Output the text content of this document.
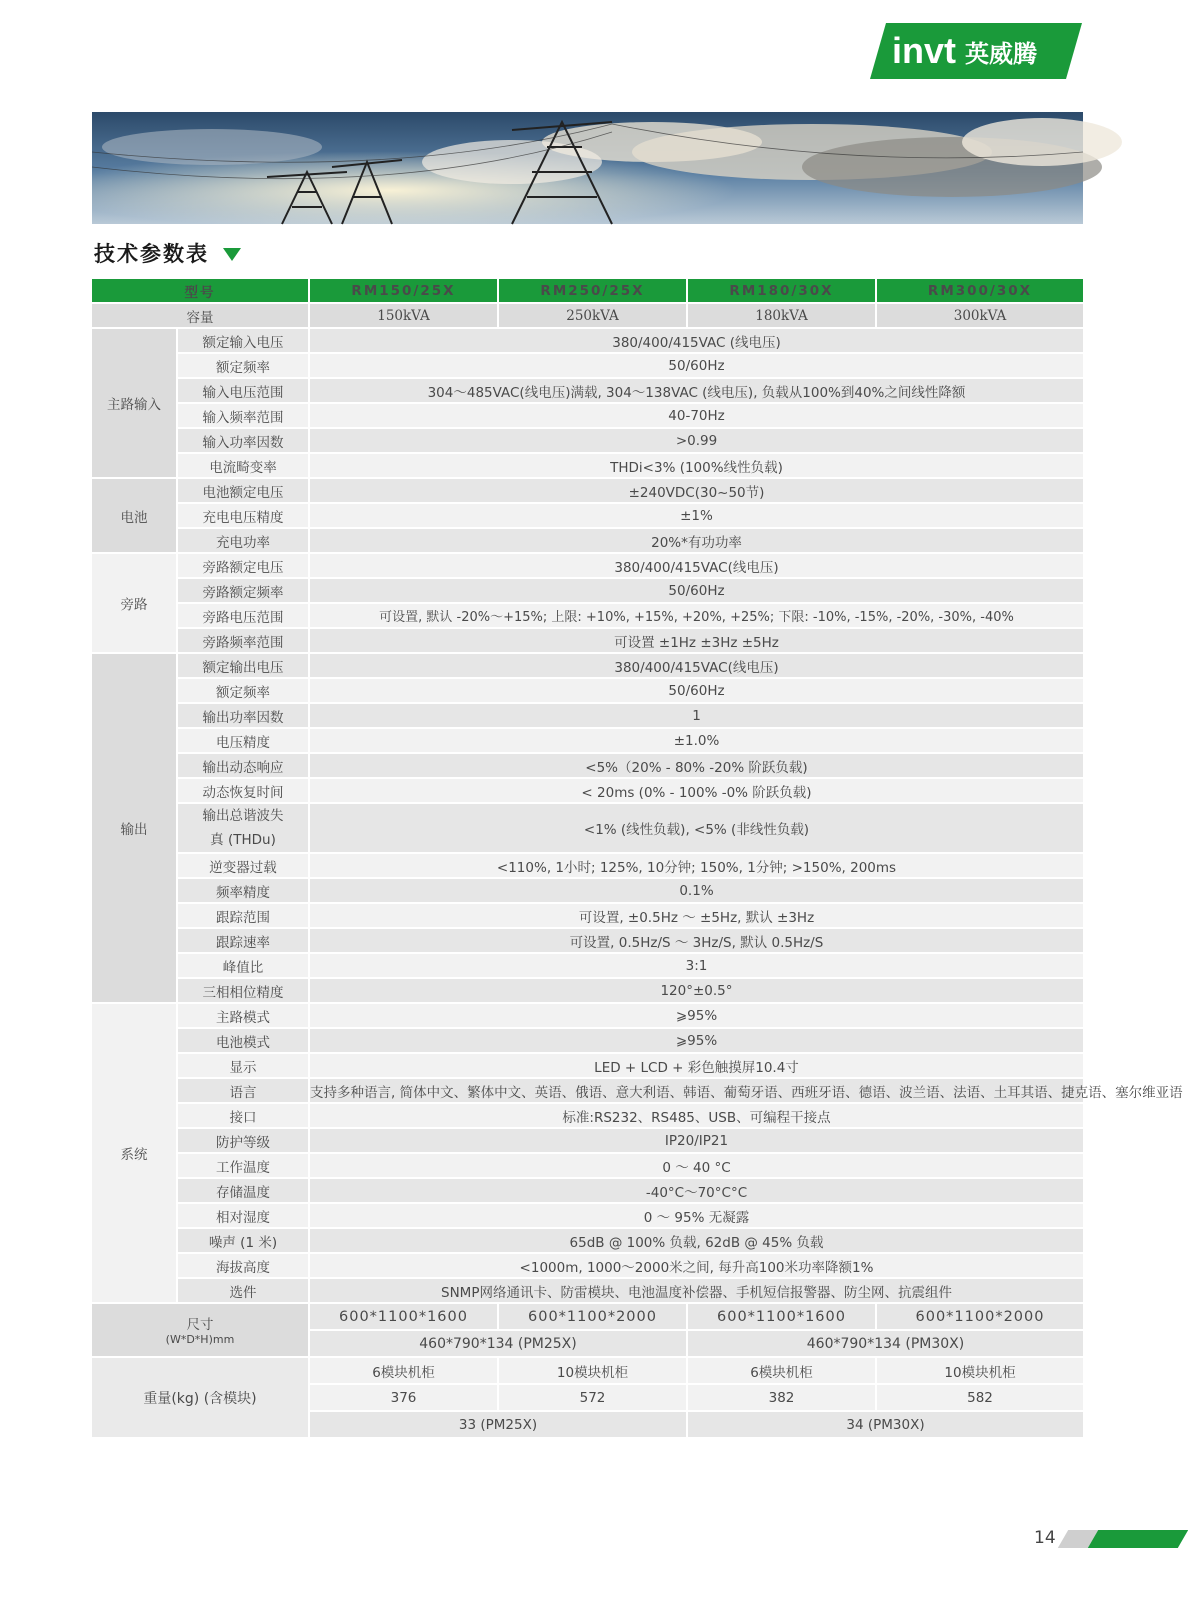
invt 英威腾
技术参数表
型号		RM150/25X	RM250/25X	RM180/30X	RM300/30X
容量		150kVA	250kVA	180kVA	300kVA
主路输入	额定输入电压	380/400/415VAC (线电压)			
	额定频率	50/60Hz			
	输入电压范围	304～485VAC(线电压)满载, 304～138VAC (线电压), 负载从100%到40%之间线性降额			
	输入频率范围	40-70Hz			
	输入功率因数	>0.99			
	电流畸变率	THDi<3% (100%线性负载)			
电池	电池额定电压	±240VDC(30~50节)			
	充电电压精度	±1%			
	充电功率	20%*有功功率			
旁路	旁路额定电压	380/400/415VAC(线电压)			
	旁路额定频率	50/60Hz			
	旁路电压范围	可设置, 默认 -20%～+15%; 上限: +10%, +15%, +20%, +25%; 下限: -10%, -15%, -20%, -30%, -40%			
	旁路频率范围	可设置 ±1Hz ±3Hz ±5Hz			
输出	额定输出电压	380/400/415VAC(线电压)			
	额定频率	50/60Hz			
	输出功率因数	1			
	电压精度	±1.0%			
	输出动态响应	<5%（20% - 80% -20% 阶跃负载)			
	动态恢复时间	< 20ms (0% - 100% -0% 阶跃负载)			
	输出总谐波失真 (THDu)	<1% (线性负载), <5% (非线性负载)			
	逆变器过载	<110%, 1小时; 125%, 10分钟; 150%, 1分钟; >150%, 200ms			
	频率精度	0.1%			
	跟踪范围	可设置, ±0.5Hz ～ ±5Hz, 默认 ±3Hz			
	跟踪速率	可设置, 0.5Hz/S ～ 3Hz/S, 默认 0.5Hz/S			
	峰值比	3:1			
	三相相位精度	120°±0.5°			
系统	主路模式	⩾95%			
	电池模式	⩾95%			
	显示	LED + LCD + 彩色触摸屏10.4寸			
	语言	支持多种语言, 简体中文、繁体中文、英语、俄语、意大利语、韩语、葡萄牙语、西班牙语、德语、波兰语、法语、土耳其语、捷克语、塞尔维亚语			
	接口	标准:RS232、RS485、USB、可编程干接点			
	防护等级	IP20/IP21			
	工作温度	0 ～ 40 °C			
	存储温度	-40°C～70°C°C			
	相对湿度	0 ～ 95% 无凝露			
	噪声 (1 米)	65dB @ 100% 负载, 62dB @ 45% 负载			
	海拔高度	<1000m, 1000～2000米之间, 每升高100米功率降额1%			
	选件	SNMP网络通讯卡、防雷模块、电池温度补偿器、手机短信报警器、防尘网、抗震组件			
尺寸
(W*D*H)mm		600*1100*1600	600*1100*2000	600*1100*1600	600*1100*2000
		460*790*134 (PM25X)		460*790*134 (PM30X)	
重量(kg) (含模块)		6模块机柜	10模块机柜	6模块机柜	10模块机柜
		376	572	382	582
		33 (PM25X)		34 (PM30X)	
14
